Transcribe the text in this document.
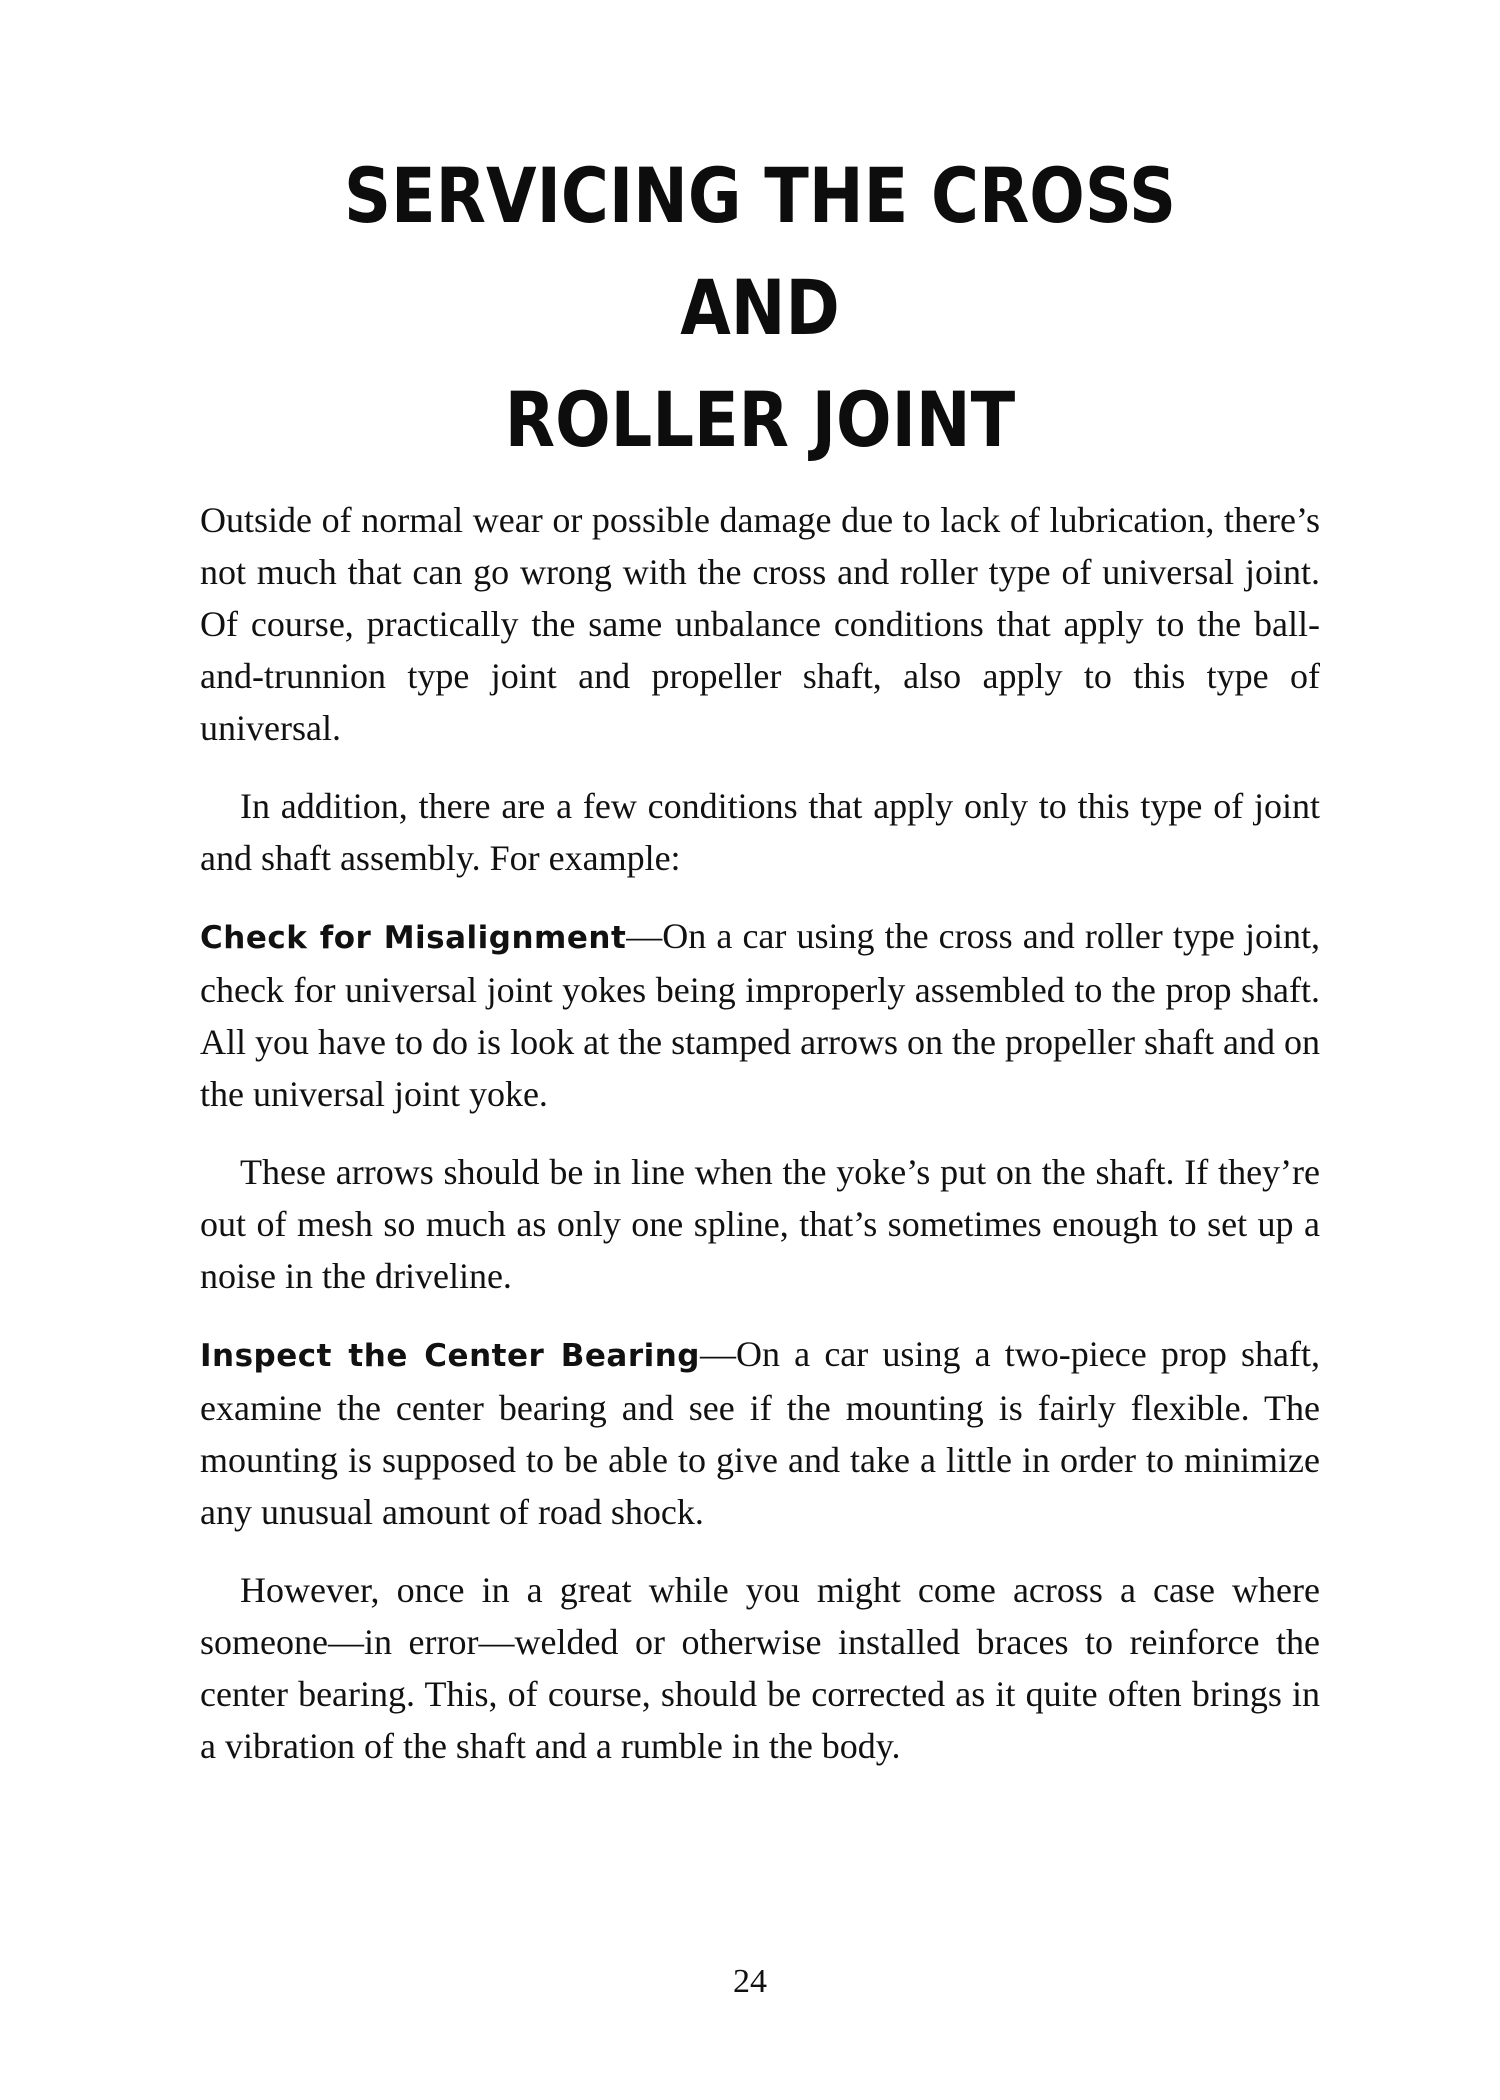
SERVICING THE CROSS AND
ROLLER JOINT

Outside of normal wear or possible damage due to lack of lubrication, there’s not much that can go wrong with the cross and roller type of universal joint. Of course, practically the same unbalance conditions that apply to the ball-and-trunnion type joint and propeller shaft, also apply to this type of universal.

In addition, there are a few conditions that apply only to this type of joint and shaft assembly. For example:

Check for Misalignment—On a car using the cross and roller type joint, check for universal joint yokes being improperly assembled to the prop shaft. All you have to do is look at the stamped arrows on the propeller shaft and on the universal joint yoke.

These arrows should be in line when the yoke’s put on the shaft. If they’re out of mesh so much as only one spline, that’s sometimes enough to set up a noise in the driveline.

Inspect the Center Bearing—On a car using a two-piece prop shaft, examine the center bearing and see if the mounting is fairly flexible. The mounting is supposed to be able to give and take a little in order to minimize any unusual amount of road shock.

However, once in a great while you might come across a case where someone—in error—welded or otherwise installed braces to reinforce the center bearing. This, of course, should be corrected as it quite often brings in a vibration of the shaft and a rumble in the body.

24
